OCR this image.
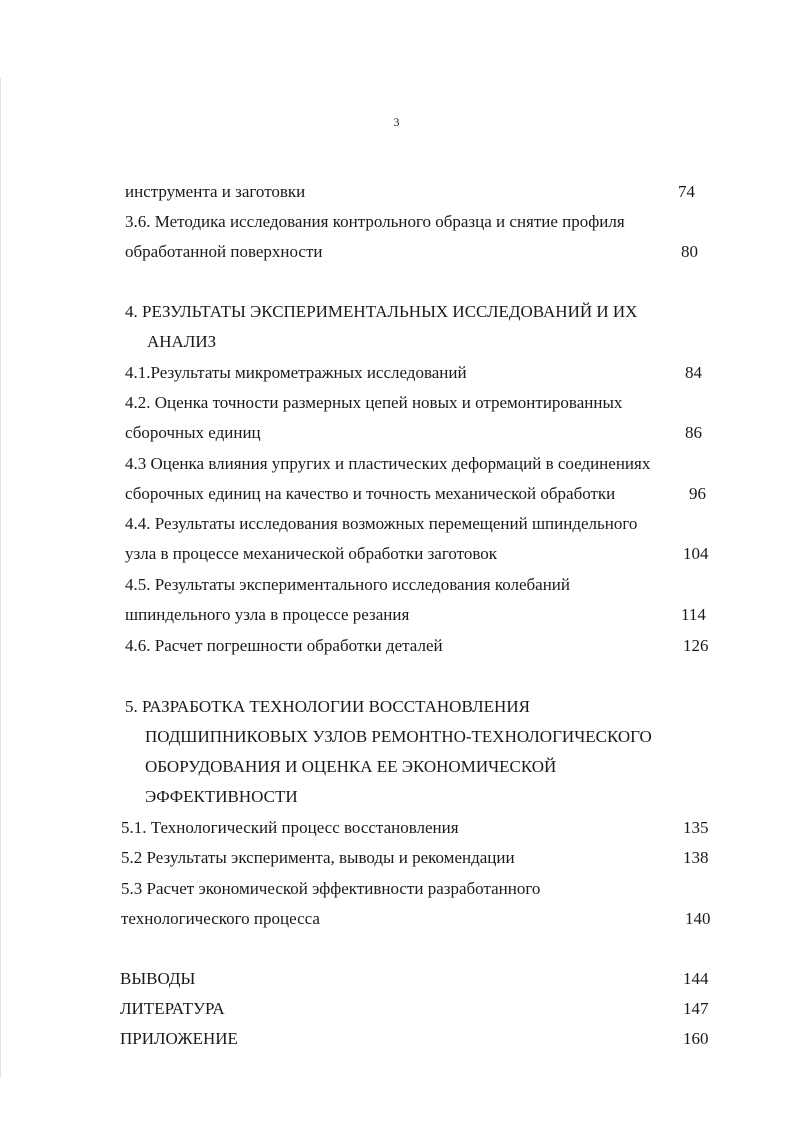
3
инструмента и заготовки	74
3.6. Методика исследования контрольного образца и снятие профиля
обработанной поверхности	80
4. РЕЗУЛЬТАТЫ ЭКСПЕРИМЕНТАЛЬНЫХ ИССЛЕДОВАНИЙ И ИХ
АНАЛИЗ
4.1.Результаты микрометражных исследований	84
4.2. Оценка точности размерных цепей новых и отремонтированных
сборочных единиц	86
4.3 Оценка влияния упругих и пластических деформаций в соединениях
сборочных единиц на качество и точность механической обработки	96
4.4. Результаты исследования возможных перемещений шпиндельного
узла в процессе механической обработки заготовок	104
4.5. Результаты экспериментального исследования колебаний
шпиндельного узла в процессе резания	114
4.6. Расчет погрешности обработки деталей	126
5. РАЗРАБОТКА ТЕХНОЛОГИИ ВОССТАНОВЛЕНИЯ
ПОДШИПНИКОВЫХ УЗЛОВ РЕМОНТНО-ТЕХНОЛОГИЧЕСКОГО
ОБОРУДОВАНИЯ И ОЦЕНКА ЕЕ ЭКОНОМИЧЕСКОЙ
ЭФФЕКТИВНОСТИ
5.1. Технологический процесс восстановления	135
5.2 Результаты эксперимента, выводы и рекомендации	138
5.3 Расчет экономической эффективности разработанного
технологического процесса	140
ВЫВОДЫ	144
ЛИТЕРАТУРА	147
ПРИЛОЖЕНИЕ	160
